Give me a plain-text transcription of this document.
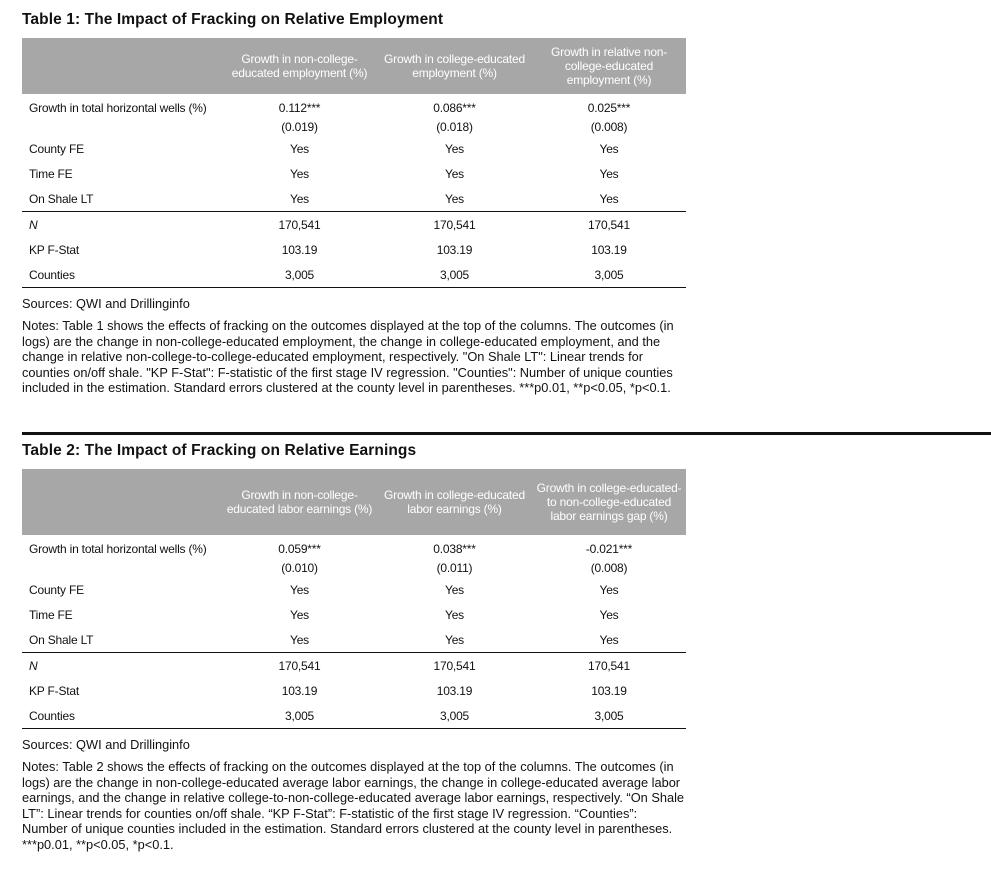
Table 1: The Impact of Fracking on Relative Employment
	Growth in non-college-educated employment (%)	Growth in college-educated employment (%)	Growth in relative non-college-educated employment (%)
Growth in total horizontal wells (%)	0.112***	0.086***	0.025***
	(0.019)	(0.018)	(0.008)
County FE	Yes	Yes	Yes
Time FE	Yes	Yes	Yes
On Shale LT	Yes	Yes	Yes
N	170,541	170,541	170,541
KP F-Stat	103.19	103.19	103.19
Counties	3,005	3,005	3,005
Sources: QWI and Drillinginfo
Notes: Table 1 shows the effects of fracking on the outcomes displayed at the top of the columns. The outcomes (in logs) are the change in non-college-educated employment, the change in college-educated employment, and the change in relative non-college-to-college-educated employment, respectively. "On Shale LT": Linear trends for counties on/off shale. "KP F-Stat": F-statistic of the first stage IV regression. "Counties": Number of unique counties included in the estimation. Standard errors clustered at the county level in parentheses. ***p0.01, **p<0.05, *p<0.1.
Table 2: The Impact of Fracking on Relative Earnings
	Growth in non-college-educated labor earnings (%)	Growth in college-educated labor earnings (%)	Growth in college-educated- to non-college-educated labor earnings gap (%)
Growth in total horizontal wells (%)	0.059***	0.038***	-0.021***
	(0.010)	(0.011)	(0.008)
County FE	Yes	Yes	Yes
Time FE	Yes	Yes	Yes
On Shale LT	Yes	Yes	Yes
N	170,541	170,541	170,541
KP F-Stat	103.19	103.19	103.19
Counties	3,005	3,005	3,005
Sources: QWI and Drillinginfo
Notes: Table 2 shows the effects of fracking on the outcomes displayed at the top of the columns. The outcomes (in logs) are the change in non-college-educated average labor earnings, the change in college-educated average labor earnings, and the change in relative college-to-non-college-educated average labor earnings, respectively. “On Shale LT”: Linear trends for counties on/off shale. “KP F-Stat”: F-statistic of the first stage IV regression. “Counties”: Number of unique counties included in the estimation. Standard errors clustered at the county level in parentheses. ***p0.01, **p<0.05, *p<0.1.
